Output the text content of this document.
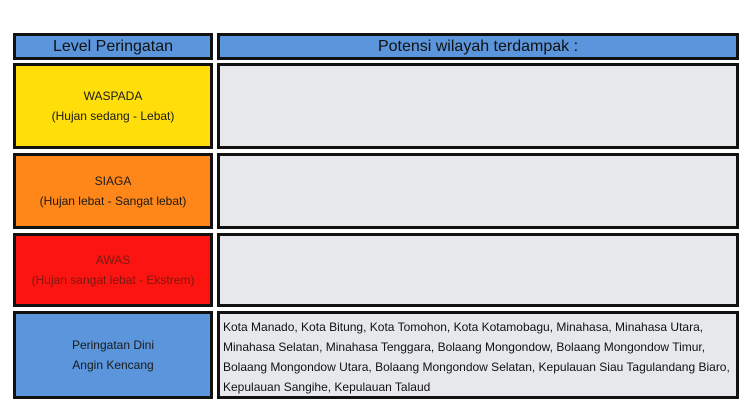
Level Peringatan	Potensi wilayah terdampak :
WASPADA
(Hujan sedang - Lebat)
SIAGA
(Hujan lebat - Sangat lebat)
AWAS
(Hujan sangat lebat - Ekstrem)
Peringatan Dini
Angin Kencang
Kota Manado, Kota Bitung, Kota Tomohon, Kota Kotamobagu, Minahasa, Minahasa Utara, Minahasa Selatan, Minahasa Tenggara, Bolaang Mongondow, Bolaang Mongondow Timur, Bolaang Mongondow Utara, Bolaang Mongondow Selatan, Kepulauan Siau Tagulandang Biaro, Kepulauan Sangihe, Kepulauan Talaud
